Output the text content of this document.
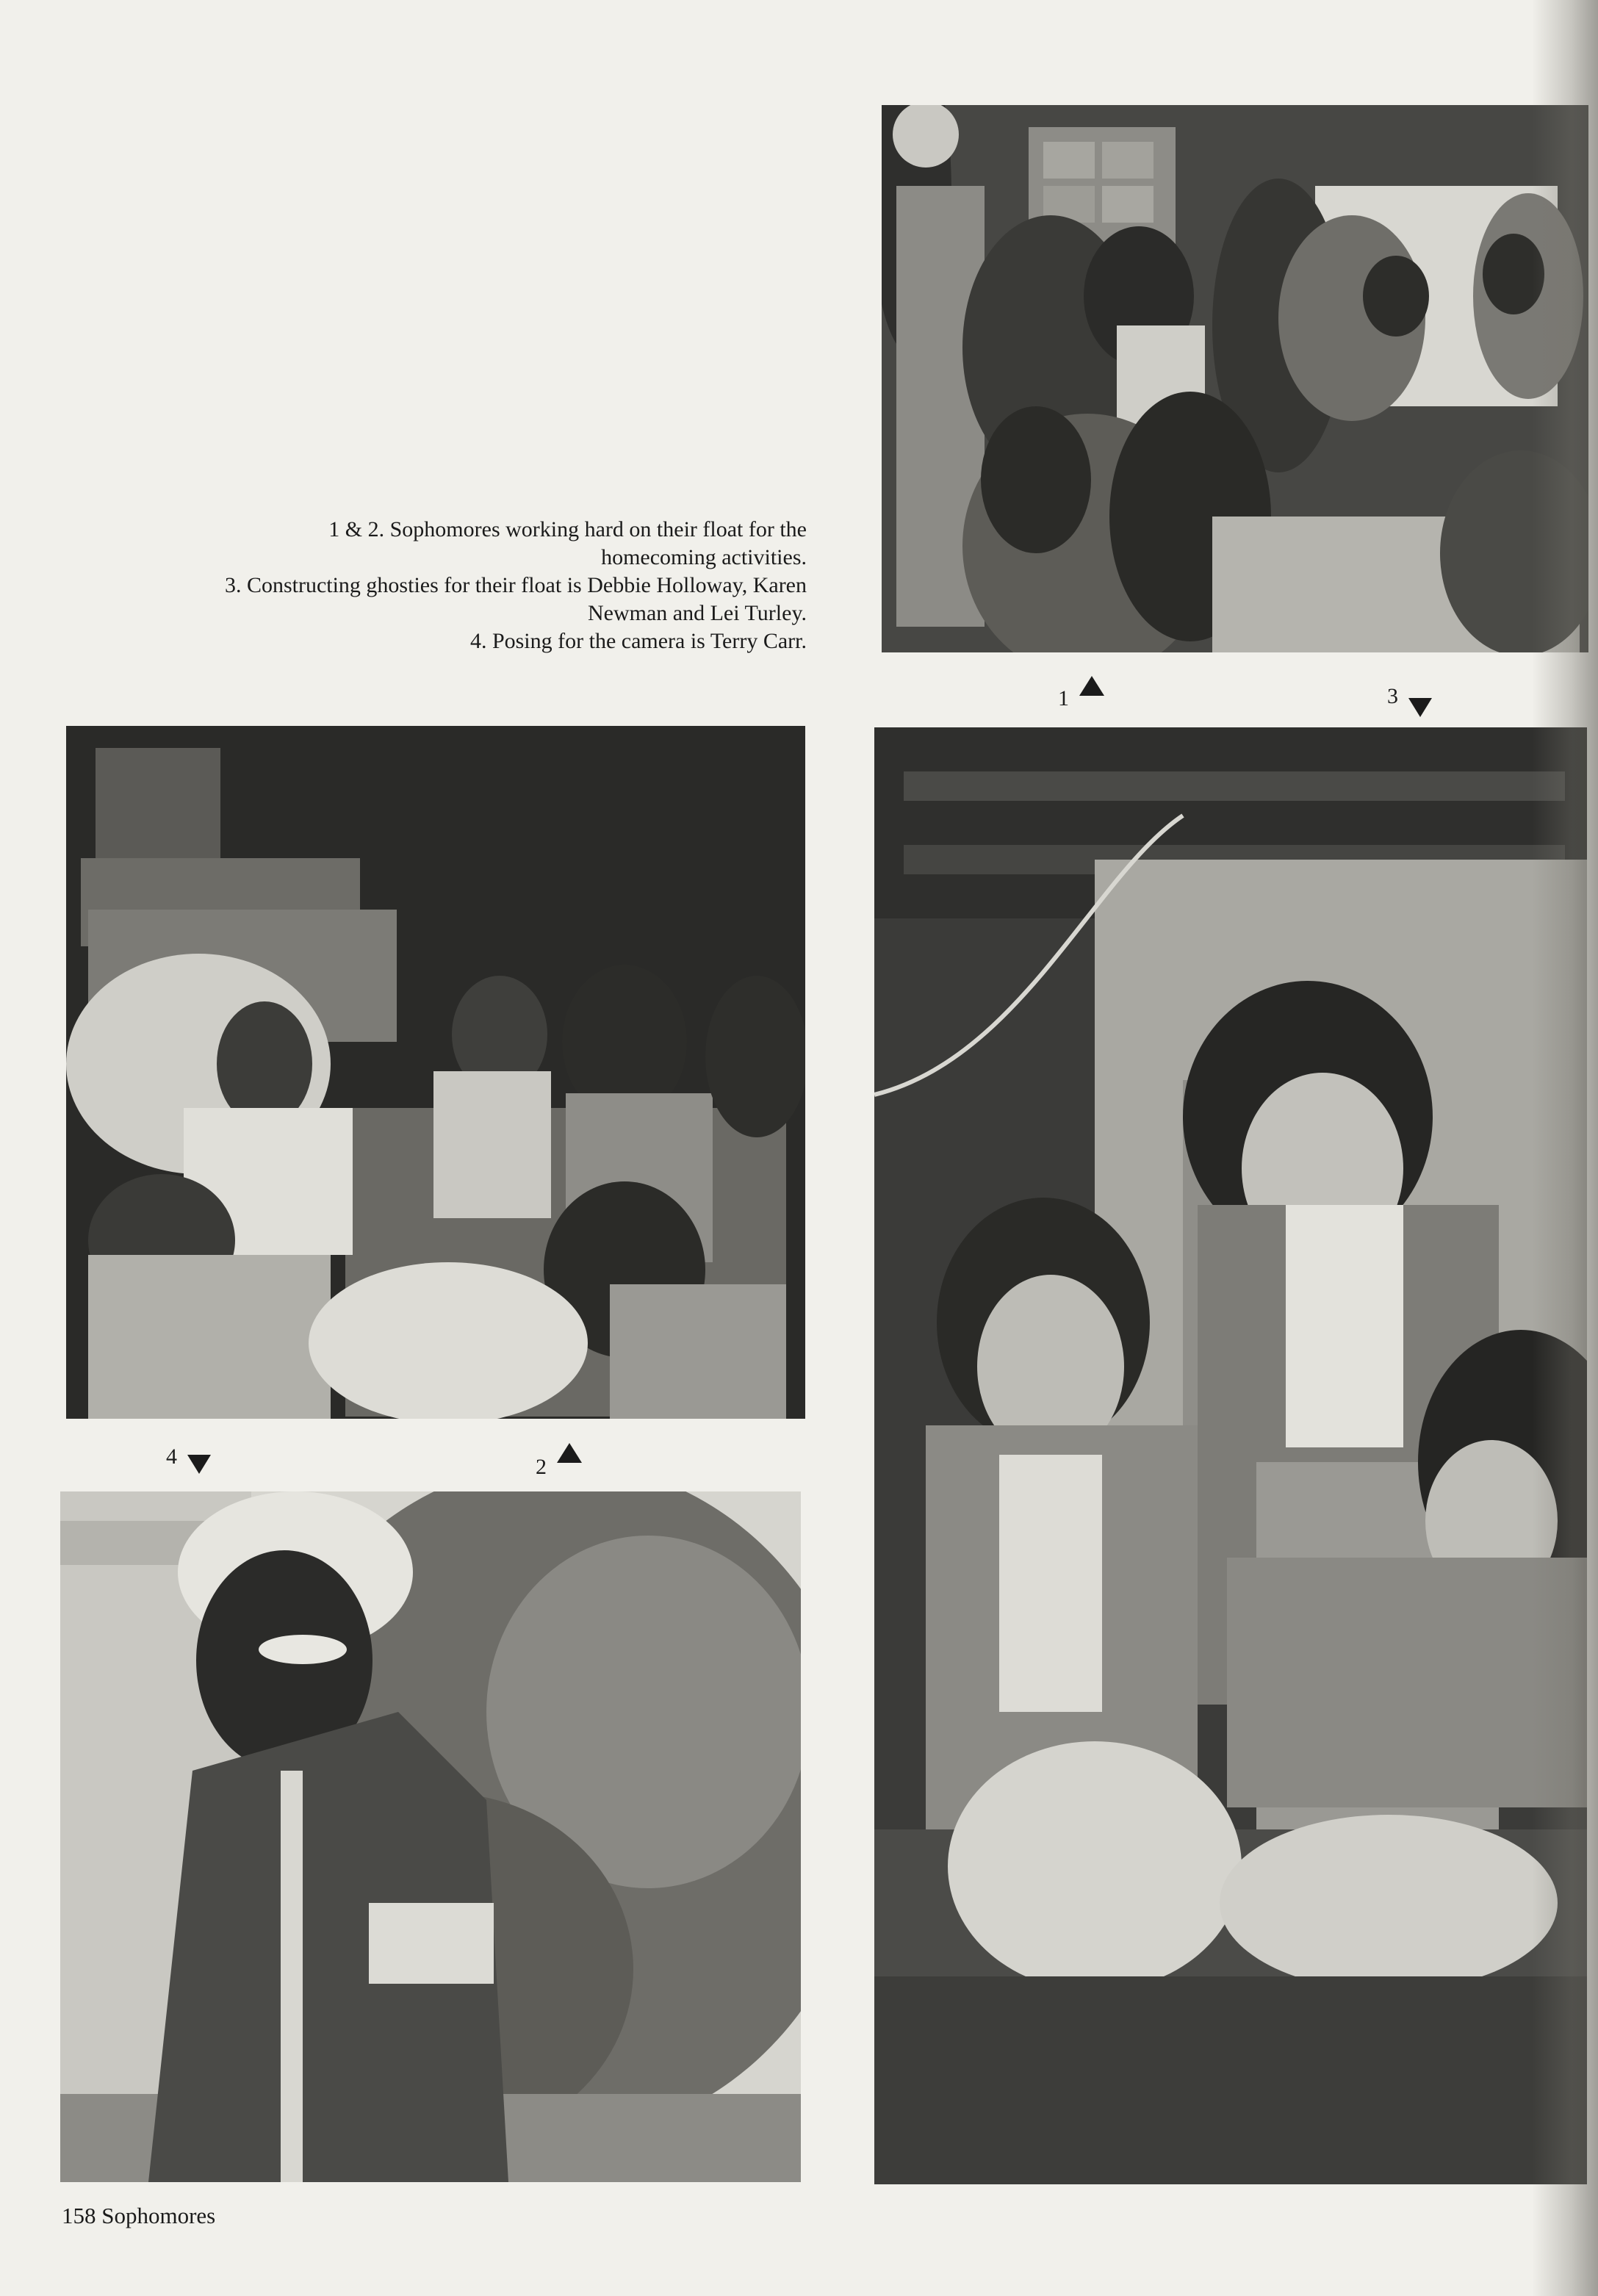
1 & 2. Sophomores working hard on their float for the

homecoming activities.

3. Constructing ghosties for their float is Debbie Holloway, Karen

Newman and Lei Turley.

4. Posing for the camera is Terry Carr.

1	3
4	2
158 Sophomores
